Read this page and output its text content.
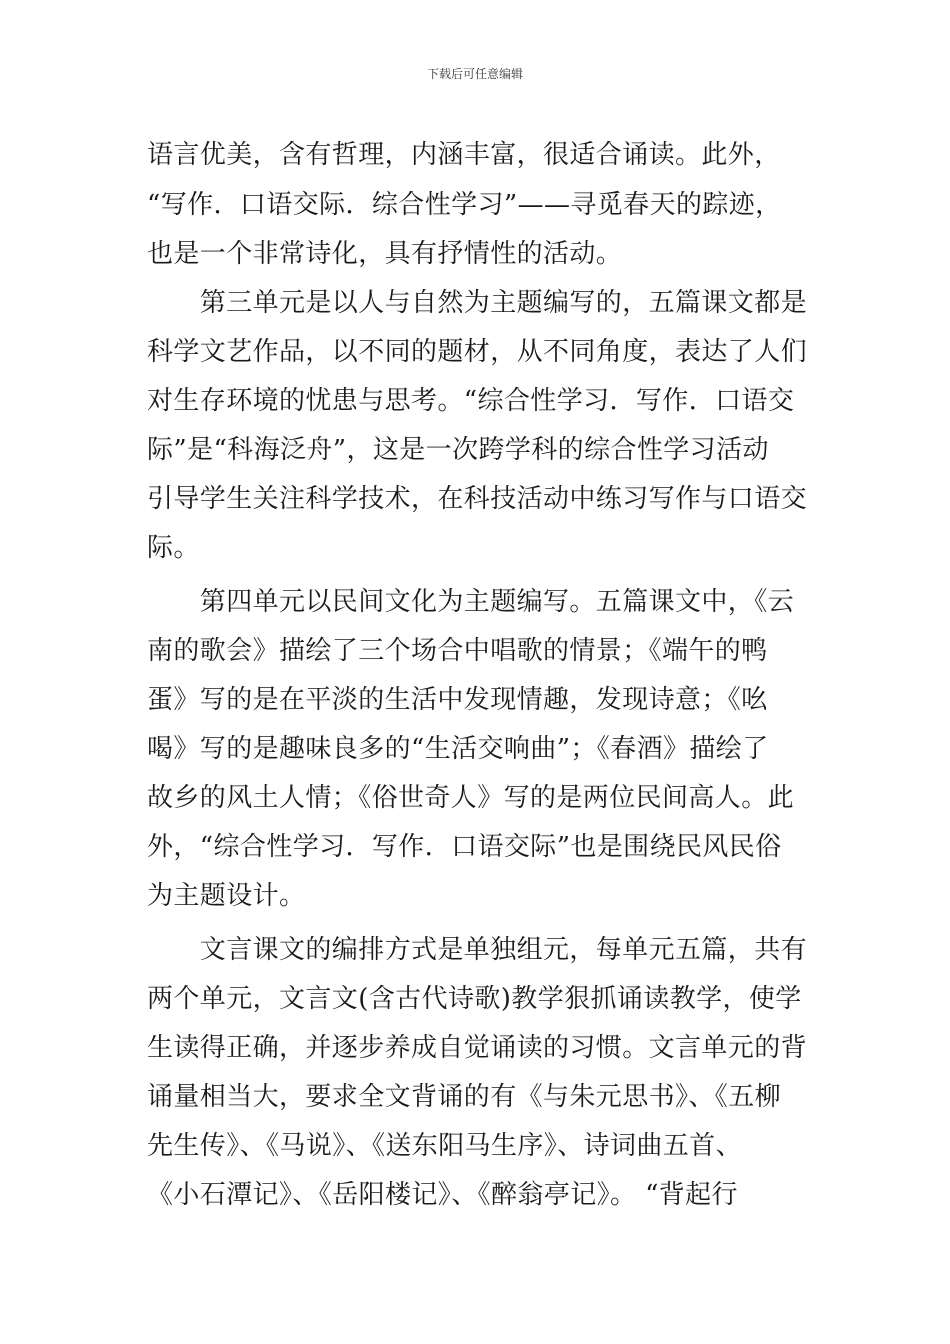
下载后可任意编辑
语言优美，含有哲理，内涵丰富，很适合诵读。此外，
“写作．口语交际．综合性学习”——寻觅春天的踪迹，
也是一个非常诗化，具有抒情性的活动。
　　第三单元是以人与自然为主题编写的，五篇课文都是
科学文艺作品，以不同的题材，从不同角度，表达了人们
对生存环境的忧患与思考。“综合性学习．写作．口语交
际”是“科海泛舟”，这是一次跨学科的综合性学习活动
引导学生关注科学技术，在科技活动中练习写作与口语交
际。
　　第四单元以民间文化为主题编写。五篇课文中，《云
南的歌会》描绘了三个场合中唱歌的情景；《端午的鸭
蛋》写的是在平淡的生活中发现情趣，发现诗意；《吆
喝》写的是趣味良多的“生活交响曲”；《春酒》描绘了
故乡的风土人情；《俗世奇人》写的是两位民间高人。此
外，“综合性学习．写作．口语交际”也是围绕民风民俗
为主题设计。
　　文言课文的编排方式是单独组元，每单元五篇，共有
两个单元，文言文(含古代诗歌)教学狠抓诵读教学，使学
生读得正确，并逐步养成自觉诵读的习惯。文言单元的背
诵量相当大，要求全文背诵的有《与朱元思书》、《五柳
先生传》、《马说》、《送东阳马生序》、诗词曲五首、
《小石潭记》、《岳阳楼记》、《醉翁亭记》。 “背起行
